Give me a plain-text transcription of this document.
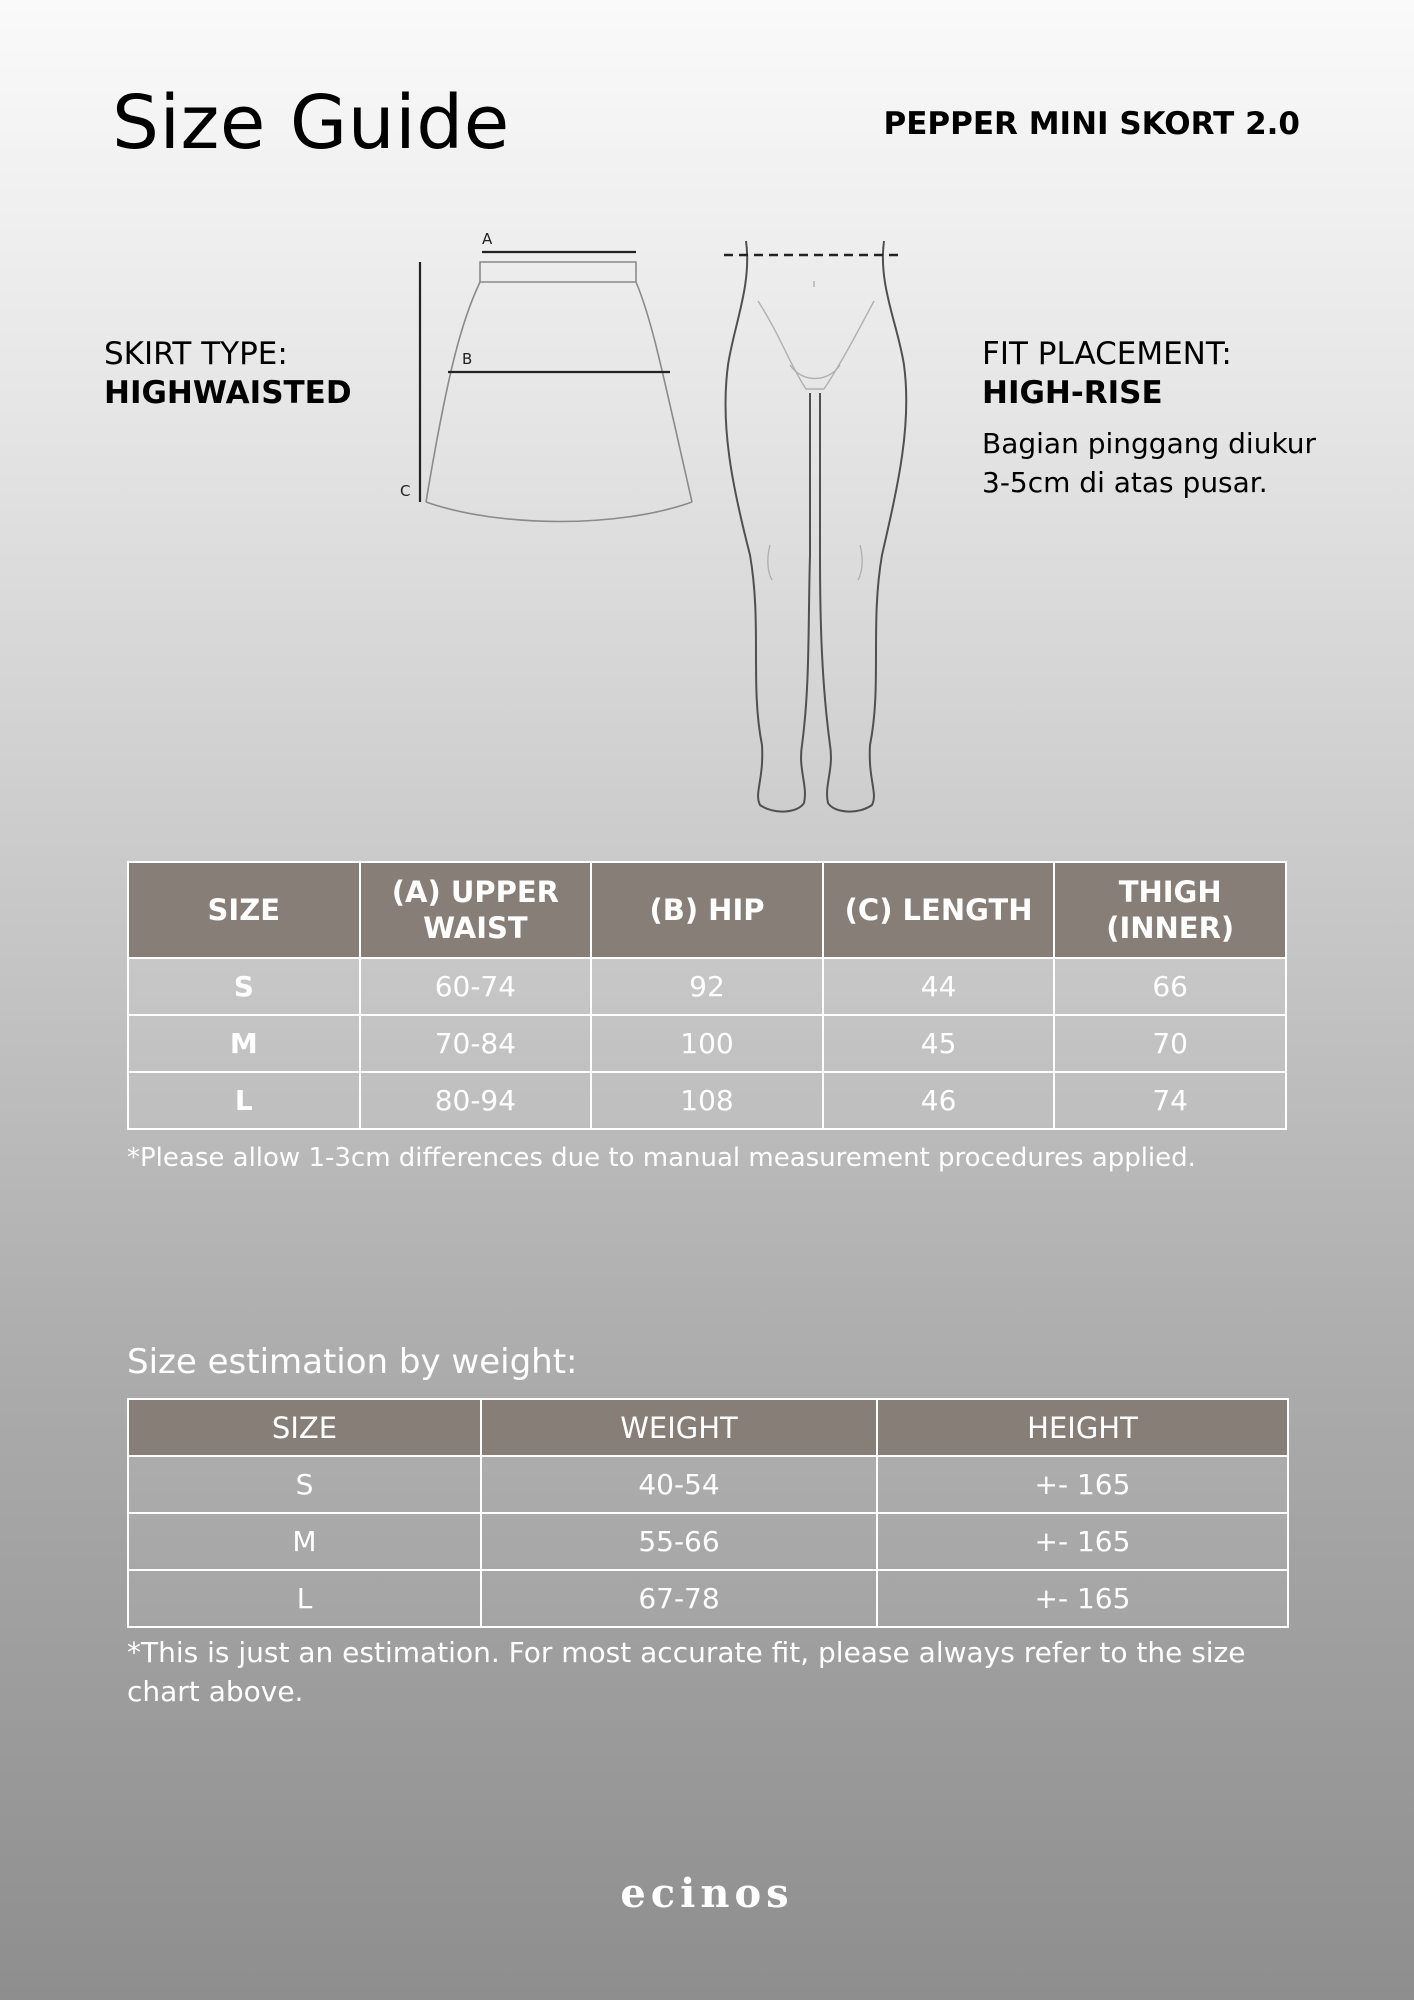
Size Guide	PEPPER MINI SKORT 2.0
SKIRT TYPE:
HIGHWAISTED
FIT PLACEMENT:
HIGH-RISE
Bagian pinggang diukur 3-5cm di atas pusar.
A
B
C
SIZE	(A) UPPER WAIST	(B) HIP	(C) LENGTH	THIGH (INNER)
S	60-74	92	44	66
M	70-84	100	45	70
L	80-94	108	46	74
*Please allow 1-3cm differences due to manual measurement procedures applied.
Size estimation by weight:
SIZE	WEIGHT	HEIGHT
S	40-54	+- 165
M	55-66	+- 165
L	67-78	+- 165
*This is just an estimation. For most accurate fit, please always refer to the size chart above.
ecinos
